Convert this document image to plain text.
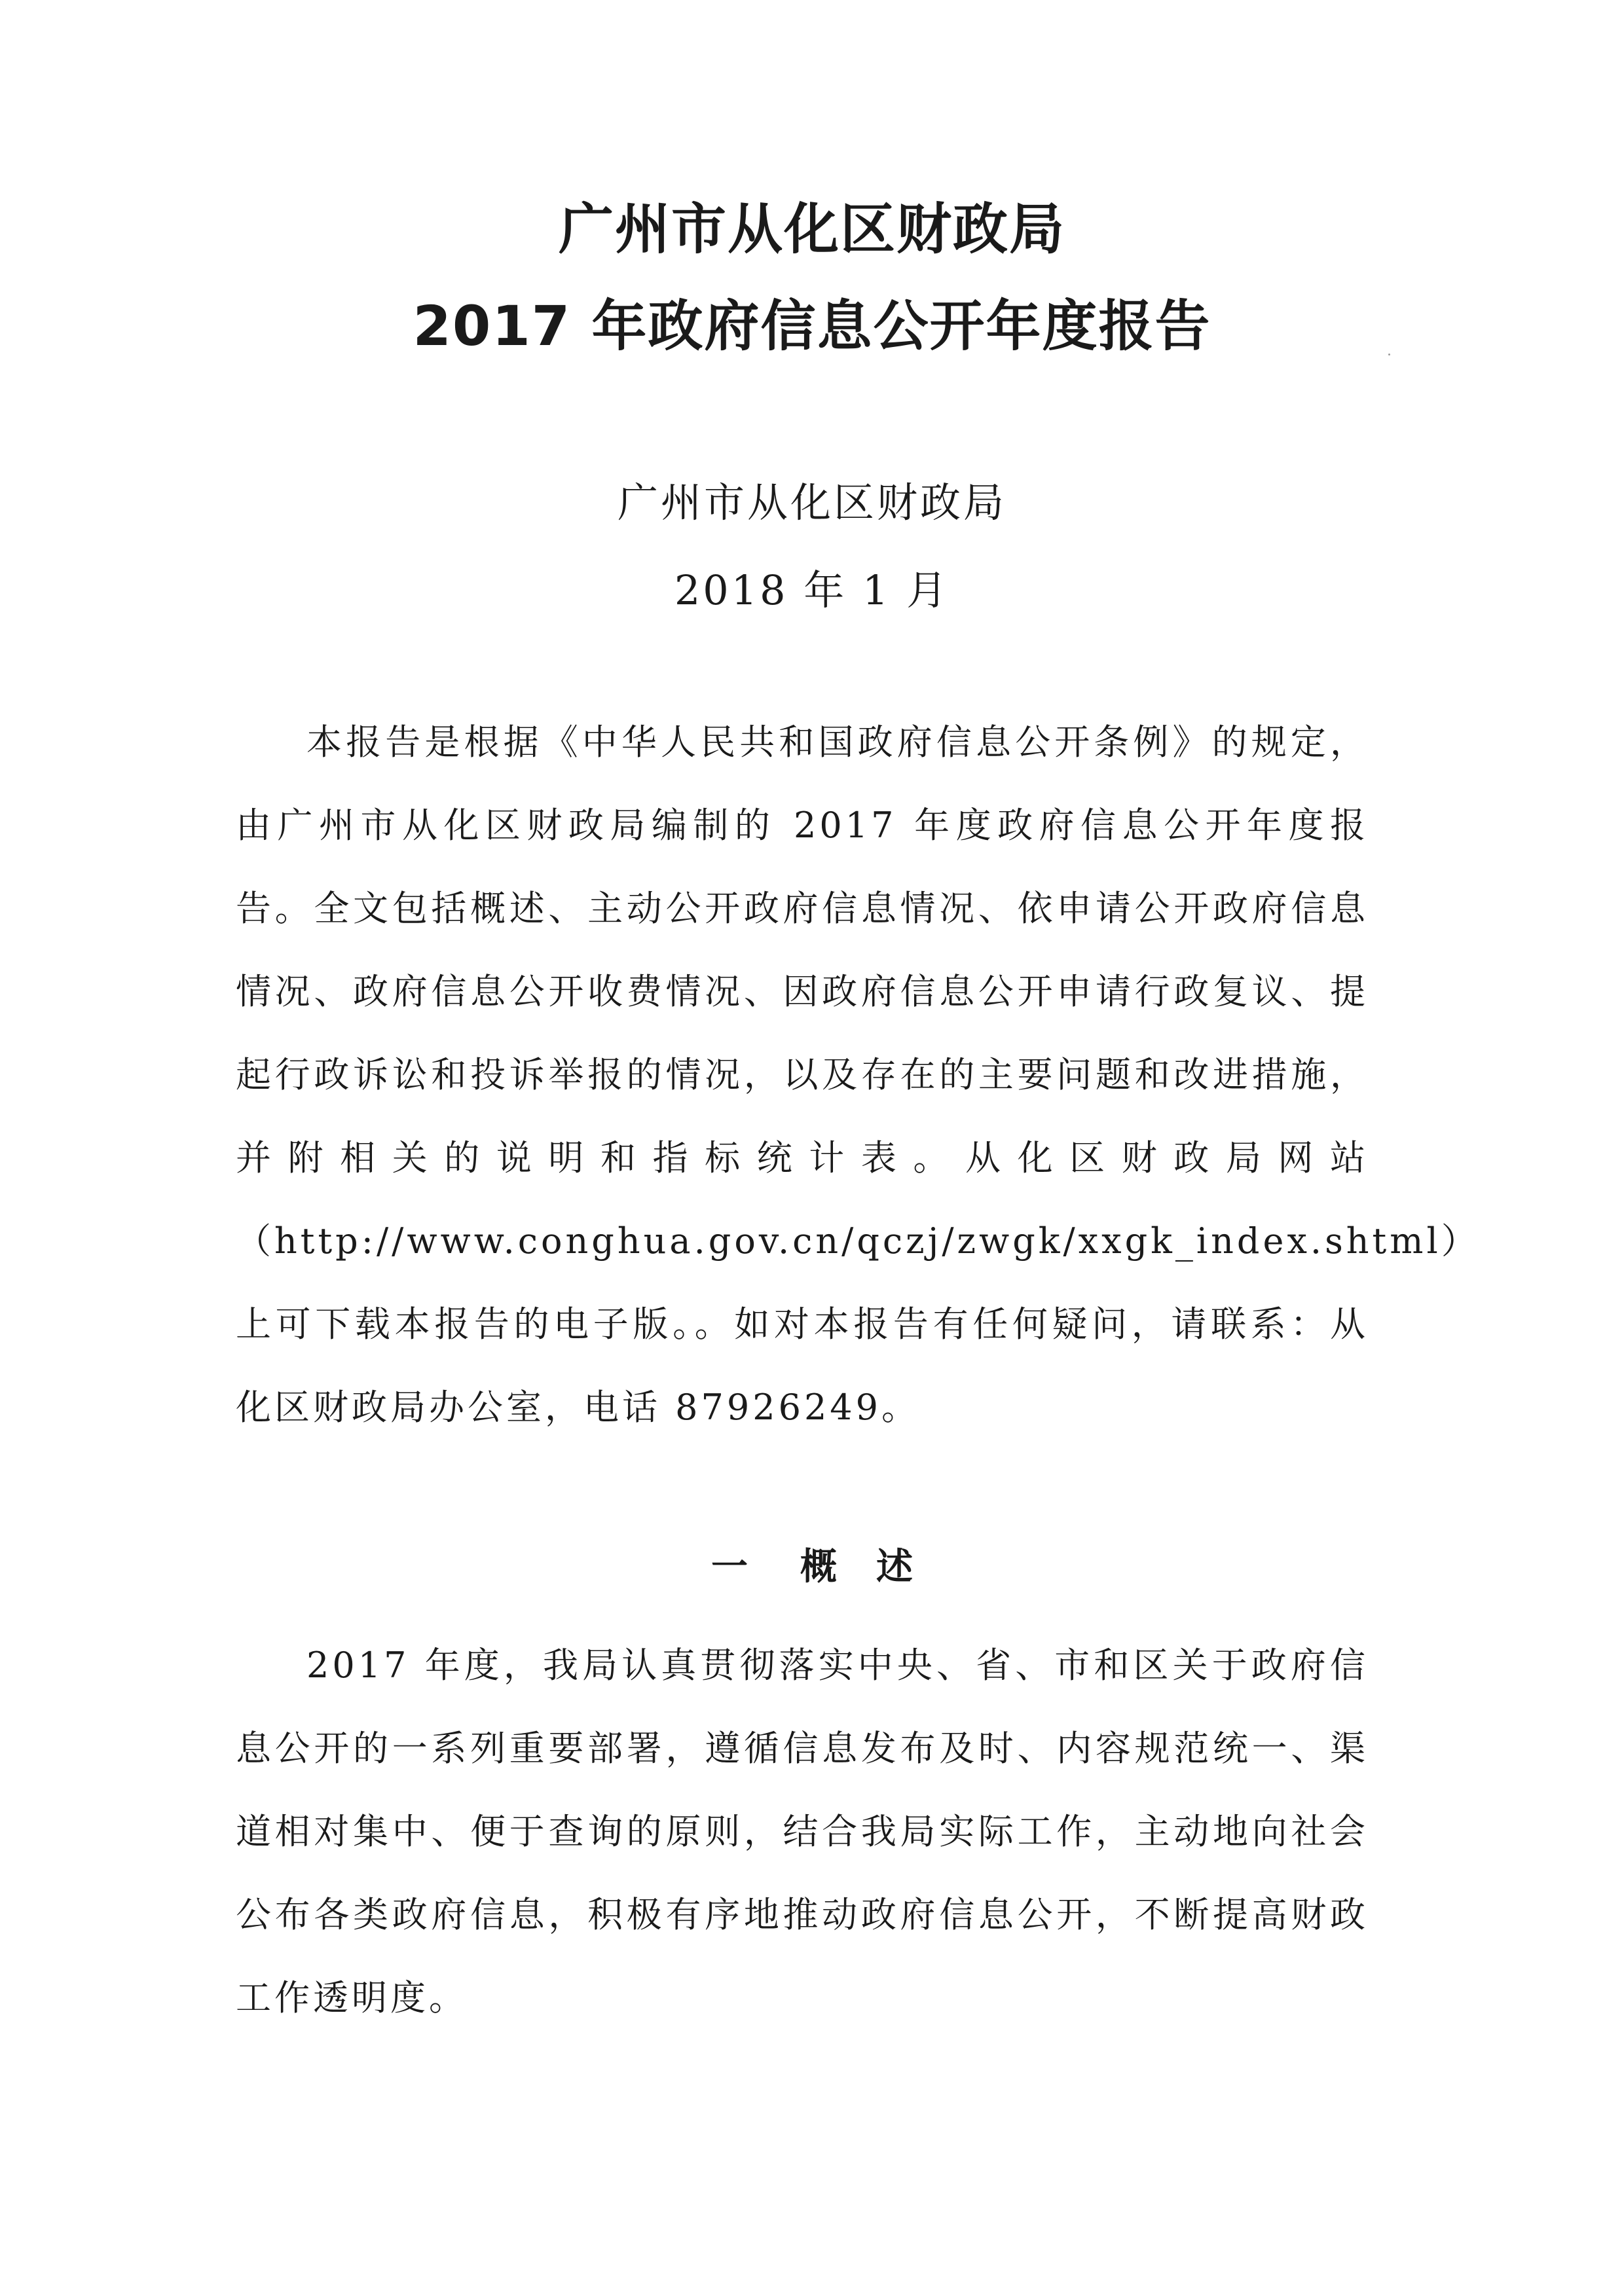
广州市从化区财政局
2017 年政府信息公开年度报告
广州市从化区财政局
2018 年 1 月

本报告是根据《中华人民共和国政府信息公开条例》的规定，由广州市从化区财政局编制的 2017 年度政府信息公开年度报告。全文包括概述、主动公开政府信息情况、依申请公开政府信息情况、政府信息公开收费情况、因政府信息公开申请行政复议、提起行政诉讼和投诉举报的情况，以及存在的主要问题和改进措施，并附相关的说明和指标统计表。从化区财政局网站（http://www.conghua.gov.cn/qczj/zwgk/xxgk_index.shtml）上可下载本报告的电子版。。如对本报告有任何疑问，请联系：从化区财政局办公室，电话 87926249。

一 概 述

2017 年度，我局认真贯彻落实中央、省、市和区关于政府信息公开的一系列重要部署，遵循信息发布及时、内容规范统一、渠道相对集中、便于查询的原则，结合我局实际工作，主动地向社会公布各类政府信息，积极有序地推动政府信息公开，不断提高财政工作透明度。
